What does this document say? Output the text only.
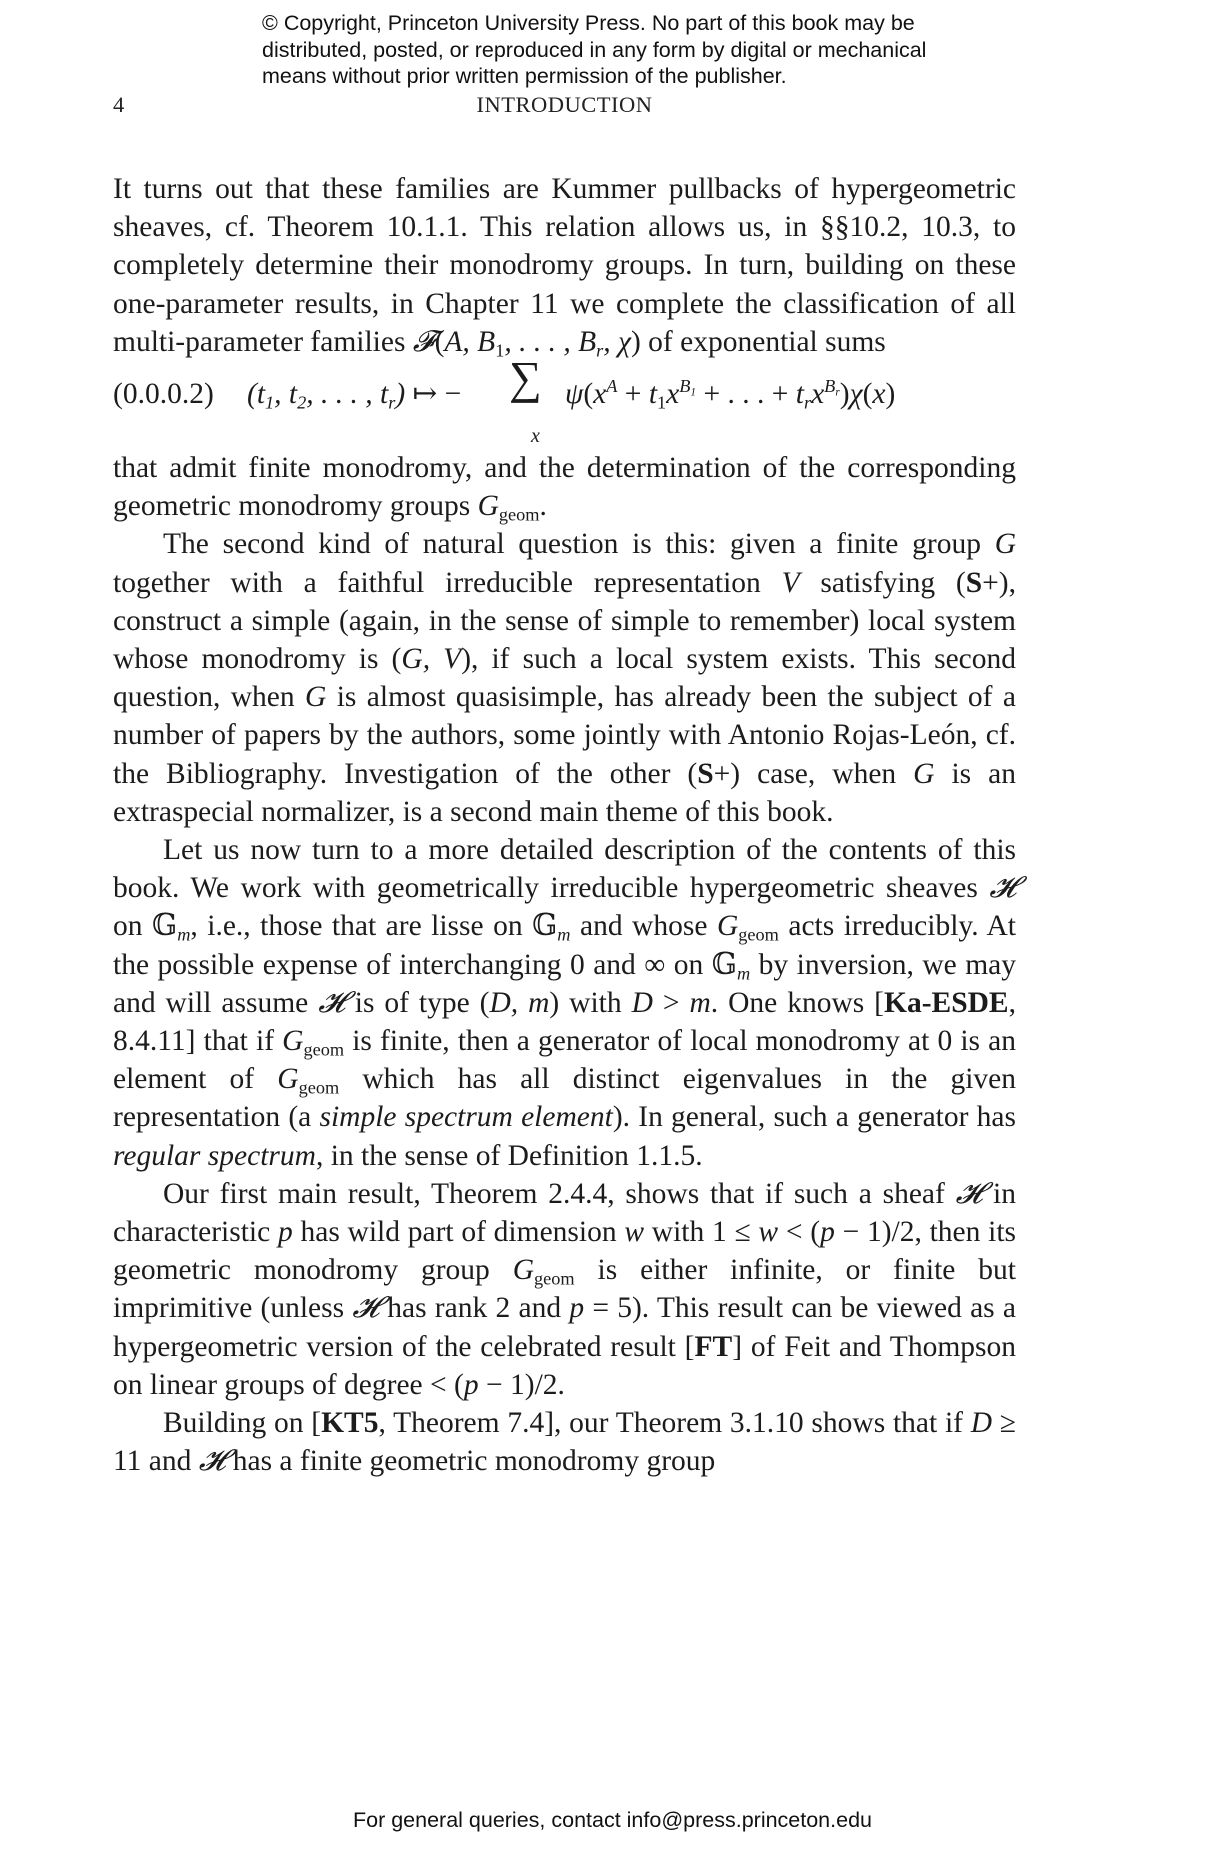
© Copyright, Princeton University Press. No part of this book may be
distributed, posted, or reproduced in any form by digital or mechanical
means without prior written permission of the publisher.
4	INTRODUCTION

It turns out that these families are Kummer pullbacks of hypergeometric sheaves, cf. Theorem 10.1.1. This relation allows us, in §§10.2, 10.3, to completely determine their monodromy groups. In turn, building on these one-parameter results, in Chapter 11 we complete the classification of all multi-parameter families 𝓕(A, $B_1$, . . . , $B_r$, χ) of exponential sums

(0.0.0.2) ($t_1$, $t_2$, . . . , $t_r$) ↦ − ∑
x
$\psi(x^A + t_1x^{B_1}$ + . . . + $t_rx^{B_r})\chi(x)$

that admit finite monodromy, and the determination of the corresponding geometric monodromy groups $G_{geom}$.

The second kind of natural question is this: given a finite group G together with a faithful irreducible representation V satisfying (S+), construct a simple (again, in the sense of simple to remember) local system whose monodromy is (G, V), if such a local system exists. This second question, when G is almost quasisimple, has already been the subject of a number of papers by the authors, some jointly with Antonio Rojas-León, cf. the Bibliography. Investigation of the other (S+) case, when G is an extraspecial normalizer, is a second main theme of this book.

Let us now turn to a more detailed description of the contents of this book. We work with geometrically irreducible hypergeometric sheaves 𝓗 on 𝔾$_m$, i.e., those that are lisse on 𝔾$_m$ and whose $G_{geom}$ acts irreducibly. At the possible expense of interchanging 0 and ∞ on 𝔾$_m$ by inversion, we may and will assume 𝓗 is of type (D, m) with D > m. One knows [Ka-ESDE, 8.4.11] that if $G_{geom}$ is finite, then a generator of local monodromy at 0 is an element of $G_{geom}$ which has all distinct eigenvalues in the given representation (a simple spectrum element). In general, such a generator has regular spectrum, in the sense of Definition 1.1.5.

Our first main result, Theorem 2.4.4, shows that if such a sheaf 𝓗 in characteristic p has wild part of dimension w with 1 ≤ w < (p − 1)/2, then its geometric monodromy group $G_{geom}$ is either infinite, or finite but imprimitive (unless 𝓗 has rank 2 and p = 5). This result can be viewed as a hypergeometric version of the celebrated result [FT] of Feit and Thompson on linear groups of degree < (p − 1)/2.

Building on [KT5, Theorem 7.4], our Theorem 3.1.10 shows that if D ≥ 11 and 𝓗 has a finite geometric monodromy group

For general queries, contact info@press.princeton.edu
